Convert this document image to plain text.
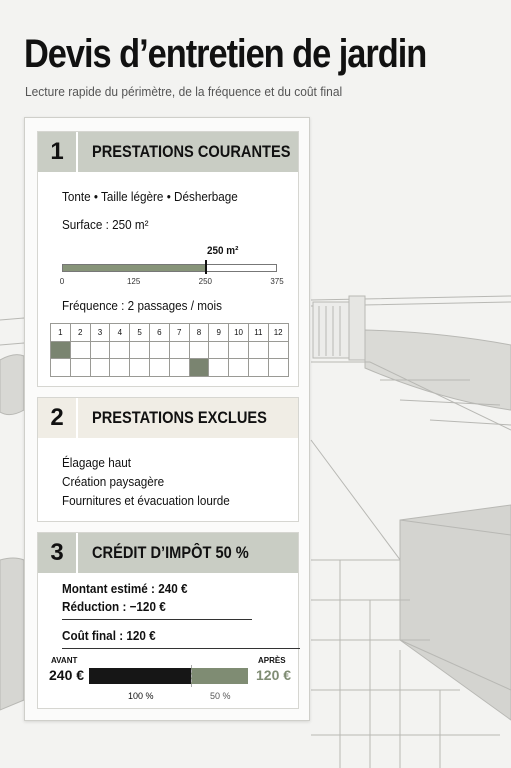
Devis d’entretien de jardin
Lecture rapide du périmètre, de la fréquence et du coût final
1	PRESTATIONS COURANTES
Tonte • Taille légère • Désherbage
Surface : 250 m²
250 m²
0	125	250	375
Fréquence : 2 passages / mois
1	2	3	4	5	6	7	8	9	10	11	12

2	PRESTATIONS EXCLUES
Élagage haut
Création paysagère
Fournitures et évacuation lourde
3	CRÉDIT D’IMPÔT 50 %
Montant estimé : 240 €
Réduction : −120 €
Coût final : 120 €
AVANT
240 €
APRÈS
120 €
100 %	50 %
